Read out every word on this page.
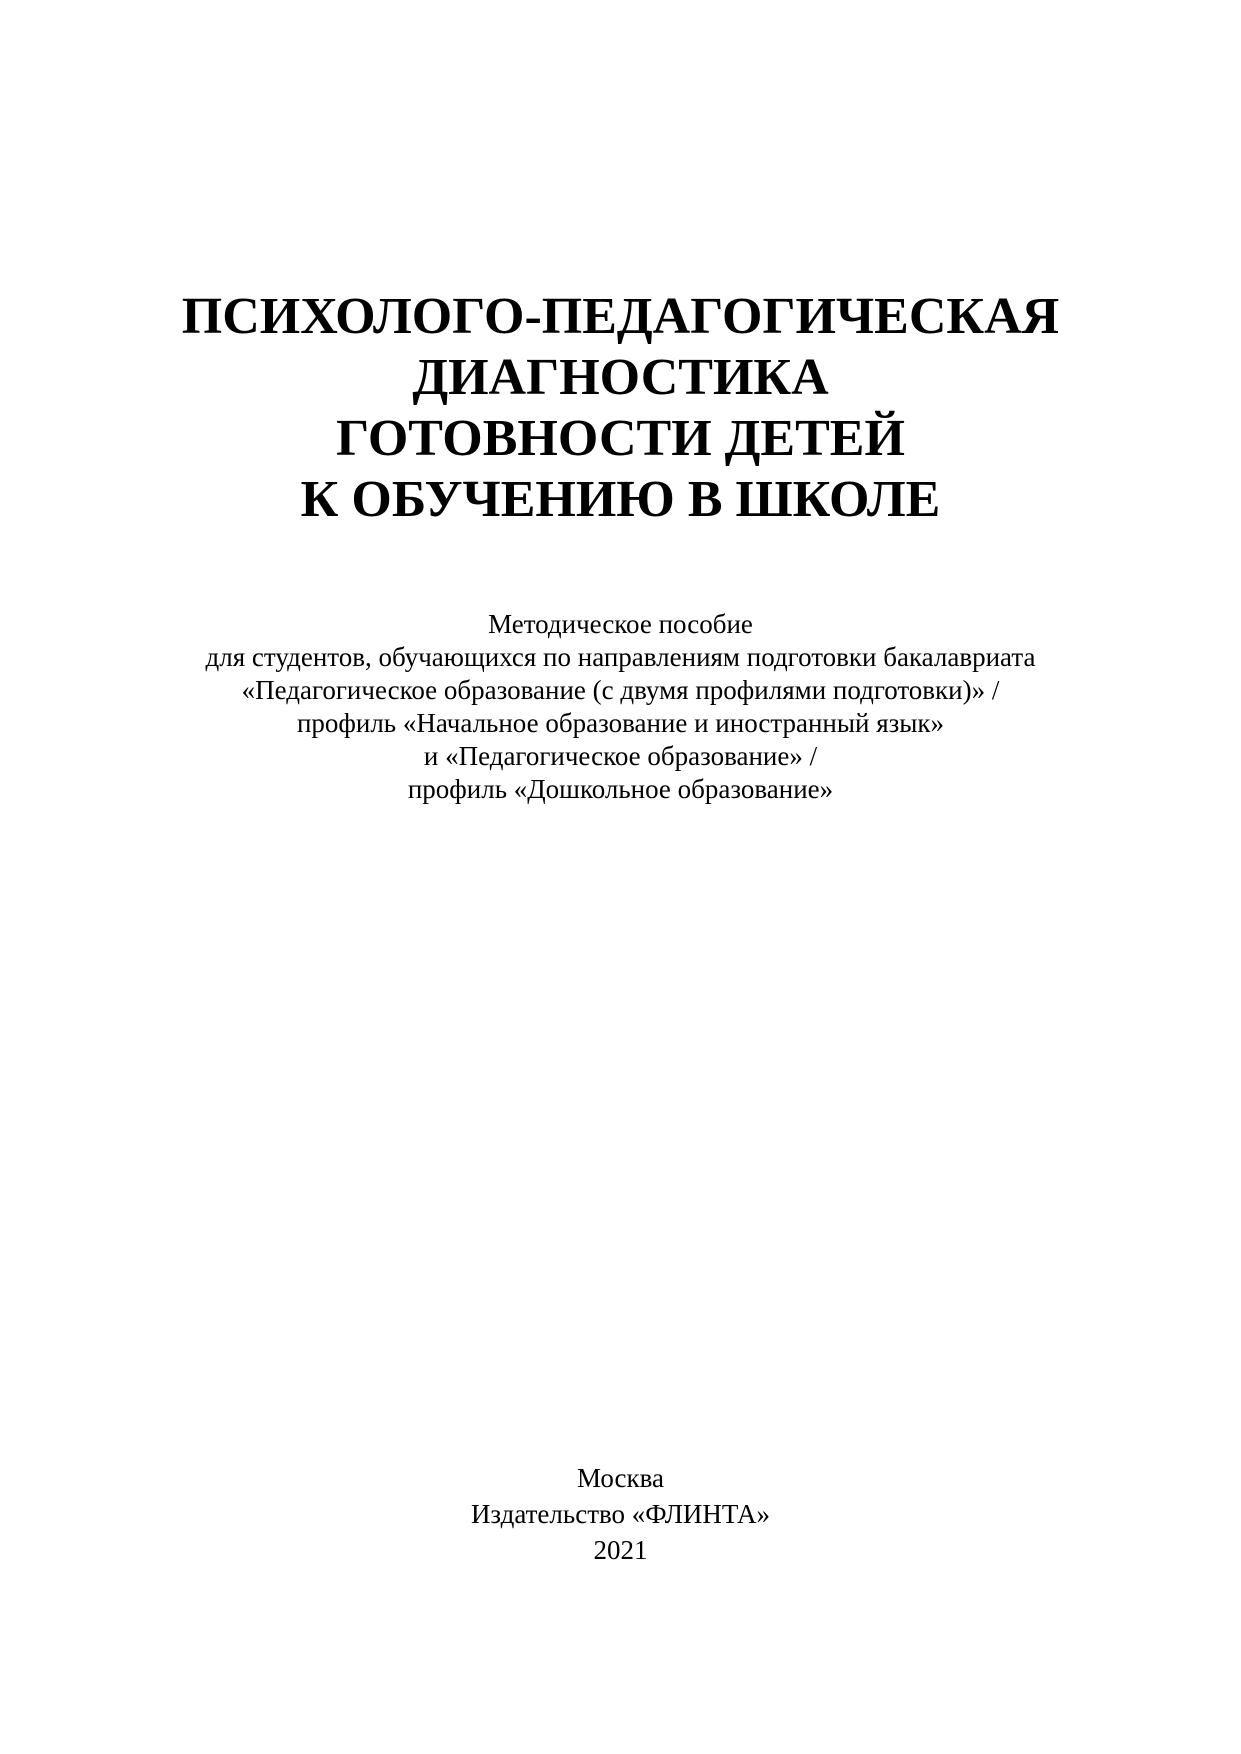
ПСИХОЛОГО-ПЕДАГОГИЧЕСКАЯ
ДИАГНОСТИКА
ГОТОВНОСТИ ДЕТЕЙ
К ОБУЧЕНИЮ В ШКОЛЕ
Методическое пособие
для студентов, обучающихся по направлениям подготовки бакалавриата
«Педагогическое образование (с двумя профилями подготовки)» /
профиль «Начальное образование и иностранный язык»
и «Педагогическое образование» /
профиль «Дошкольное образование»
Москва
Издательство «ФЛИНТА»
2021
